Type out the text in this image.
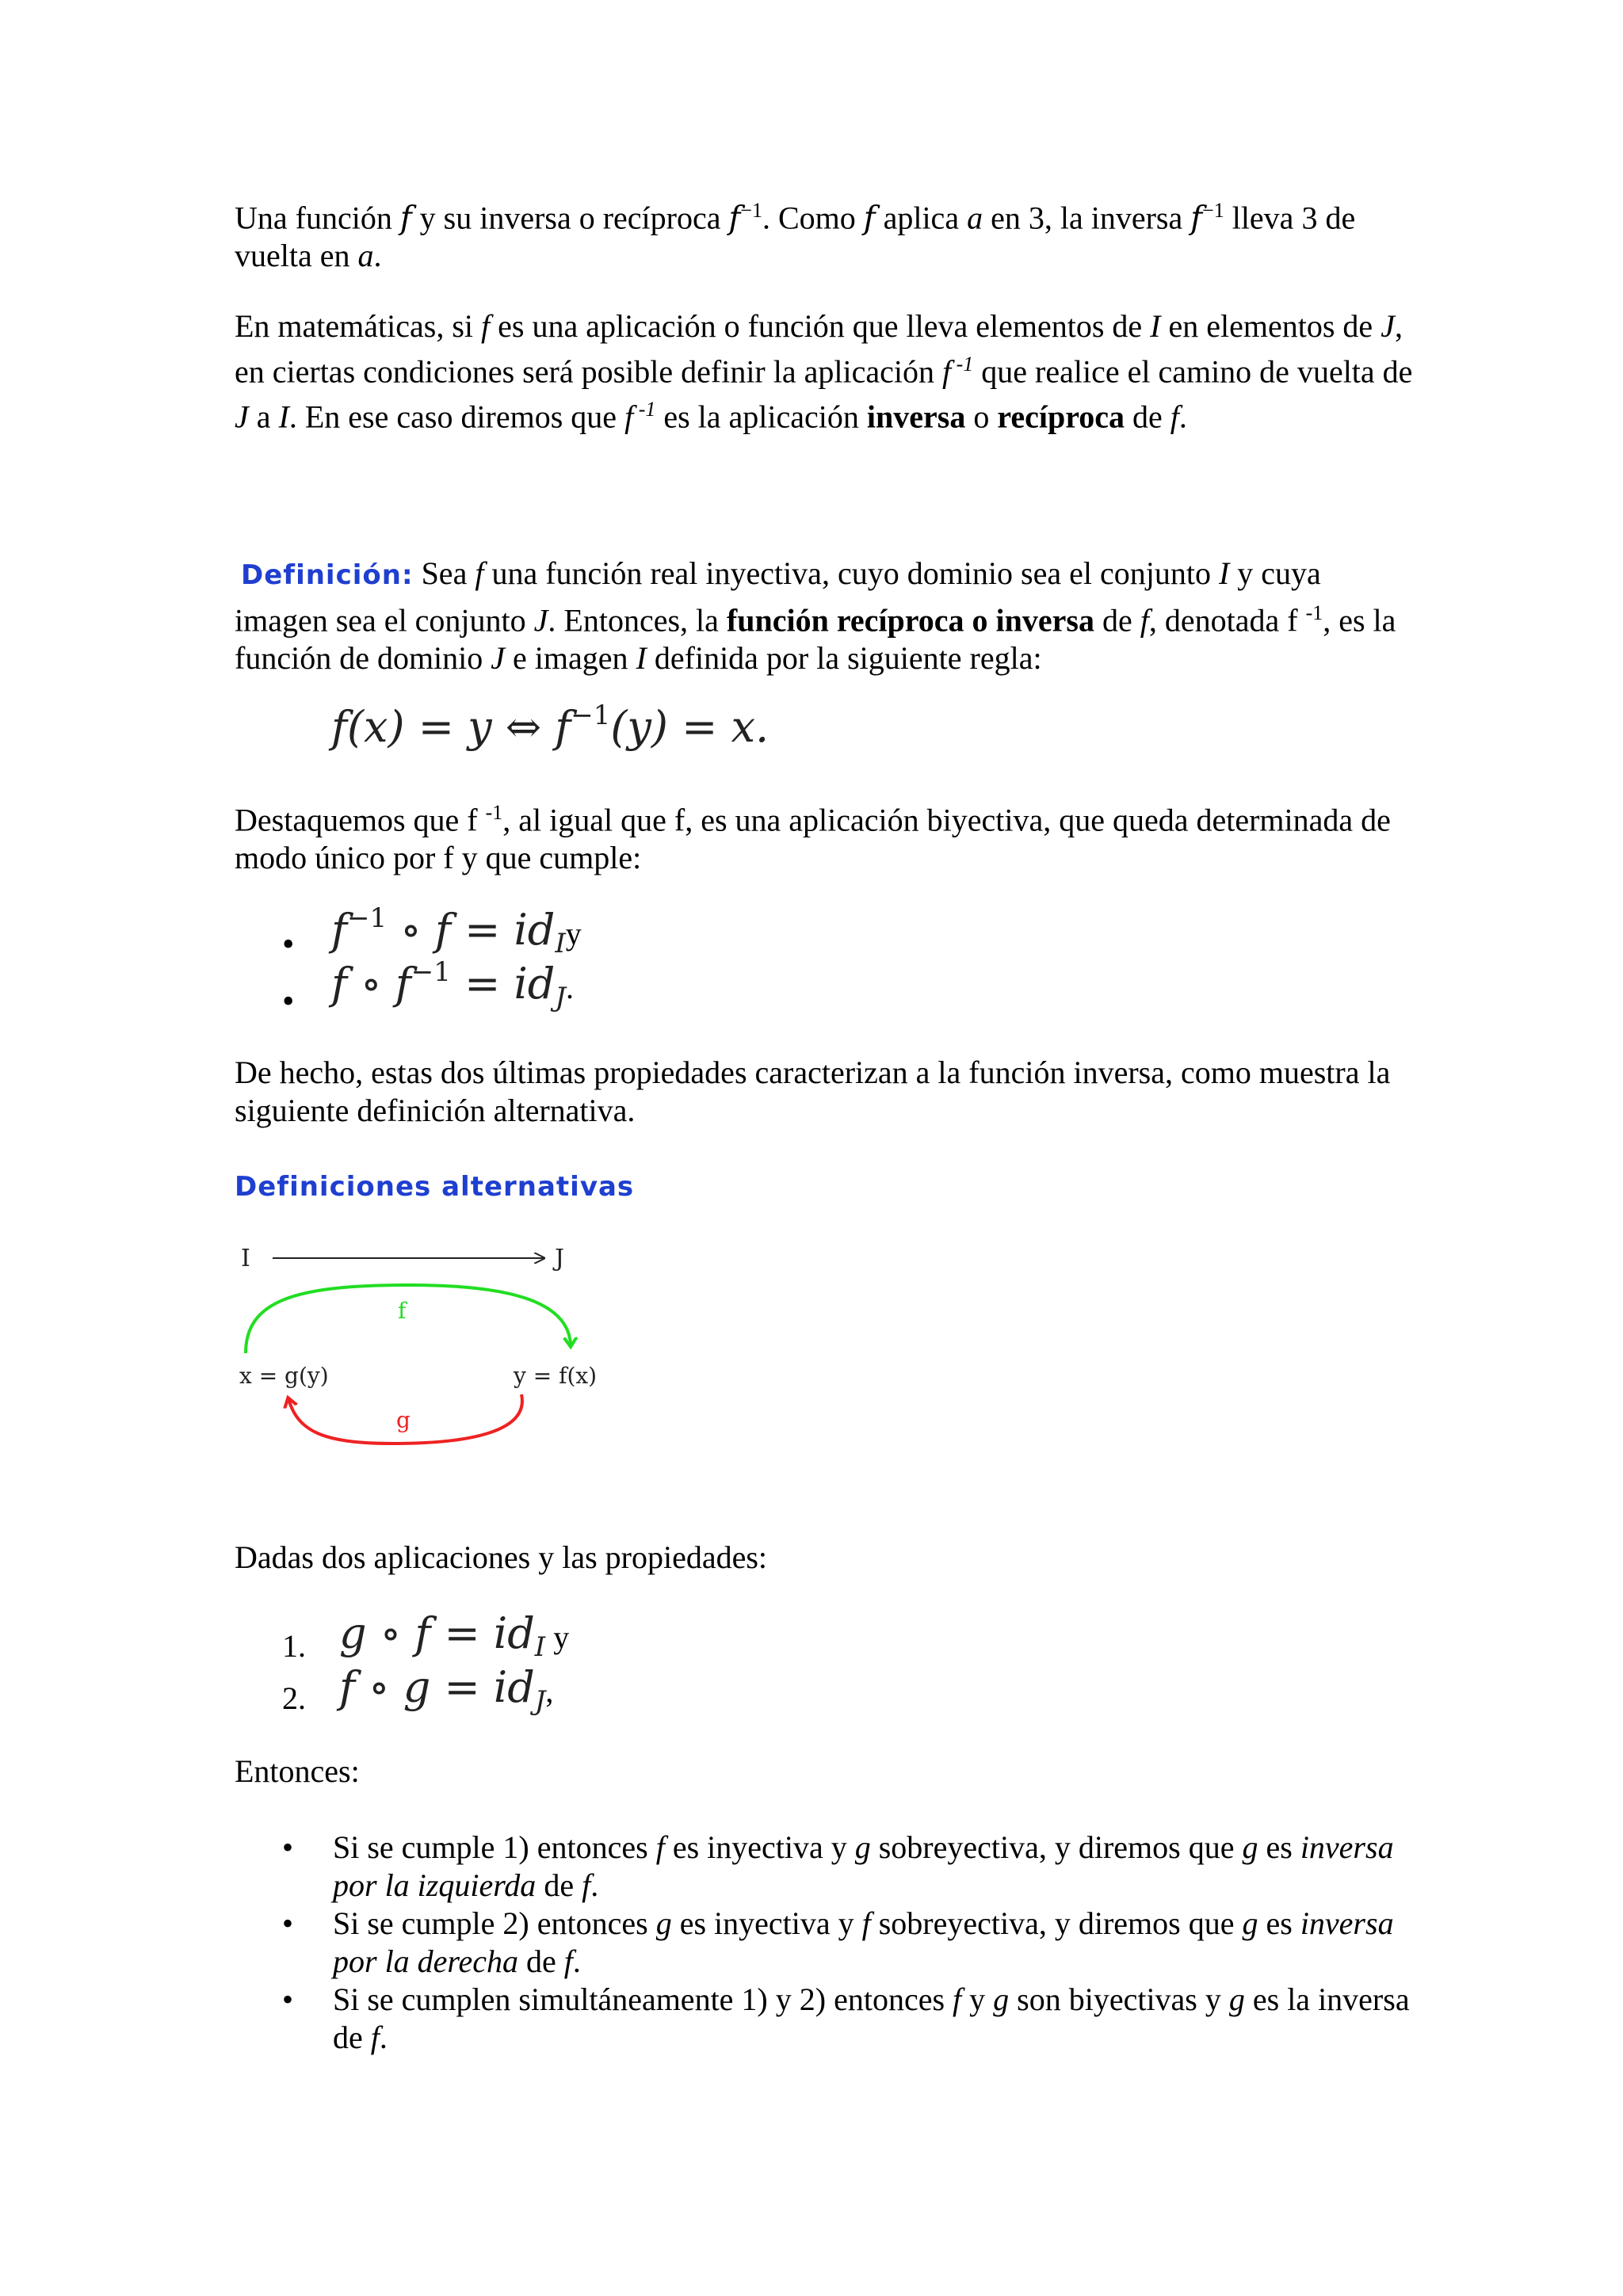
Una función f y su inversa o recíproca $f^{-1}$. Como f aplica a en 3, la inversa $f^{-1}$ lleva 3 de vuelta en a.

En matemáticas, si f es una aplicación o función que lleva elementos de I en elementos de J, en ciertas condiciones será posible definir la aplicación f $^{-1}$ que realice el camino de vuelta de J a I. En ese caso diremos que f $^{-1}$ es la aplicación inversa o recíproca de f.

Definición: Sea f una función real inyectiva, cuyo dominio sea el conjunto I y cuya imagen sea el conjunto J. Entonces, la función recíproca o inversa de f, denotada f $^{-1}$, es la función de dominio J e imagen I definida por la siguiente regla:

f(x) = y ⇔ $f^{-1}(y) = x$.

Destaquemos que f $^{-1}$, al igual que f, es una aplicación biyectiva, que queda determinada de modo único por f y que cumple:

• $f^{-1}$ ∘ f = idIy
• f ∘ $f^{-1}$ = idJ.

De hecho, estas dos últimas propiedades caracterizan a la función inversa, como muestra la siguiente definición alternativa.

Definiciones alternativas
I	J
f
x = g(y)	y = f(x)
g

Dadas dos aplicaciones y las propiedades:

1. g ∘ f = idI y
2. f ∘ g = idJ,

Entonces:

• Si se cumple 1) entonces f es inyectiva y g sobreyectiva, y diremos que g es inversa por la izquierda de f.
• Si se cumple 2) entonces g es inyectiva y f sobreyectiva, y diremos que g es inversa por la derecha de f.
• Si se cumplen simultáneamente 1) y 2) entonces f y g son biyectivas y g es la inversa de f.
